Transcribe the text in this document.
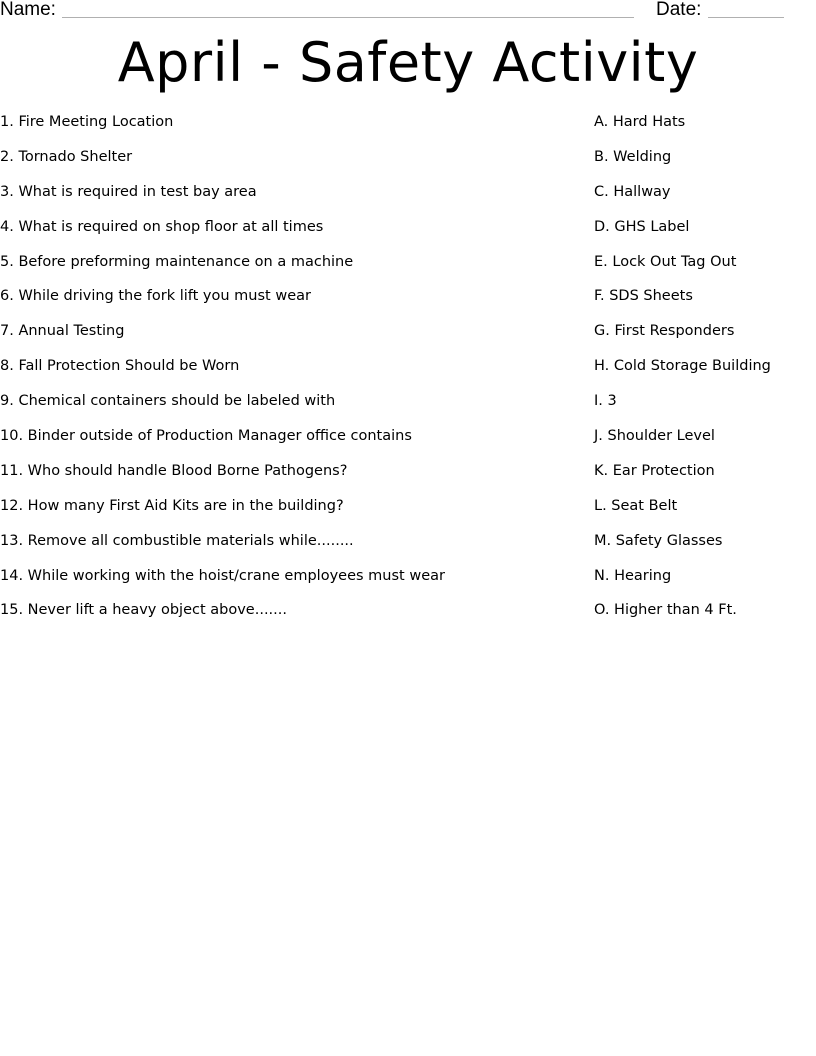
Name:	Date:
April - Safety Activity
1. Fire Meeting Location
2. Tornado Shelter
3. What is required in test bay area
4. What is required on shop floor at all times
5. Before preforming maintenance on a machine
6. While driving the fork lift you must wear
7. Annual Testing
8. Fall Protection Should be Worn
9. Chemical containers should be labeled with
10. Binder outside of Production Manager office contains
11. Who should handle Blood Borne Pathogens?
12. How many First Aid Kits are in the building?
13. Remove all combustible materials while........
14. While working with the hoist/crane employees must wear
15. Never lift a heavy object above.......
A. Hard Hats
B. Welding
C. Hallway
D. GHS Label
E. Lock Out Tag Out
F. SDS Sheets
G. First Responders
H. Cold Storage Building
I. 3
J. Shoulder Level
K. Ear Protection
L. Seat Belt
M. Safety Glasses
N. Hearing
O. Higher than 4 Ft.
